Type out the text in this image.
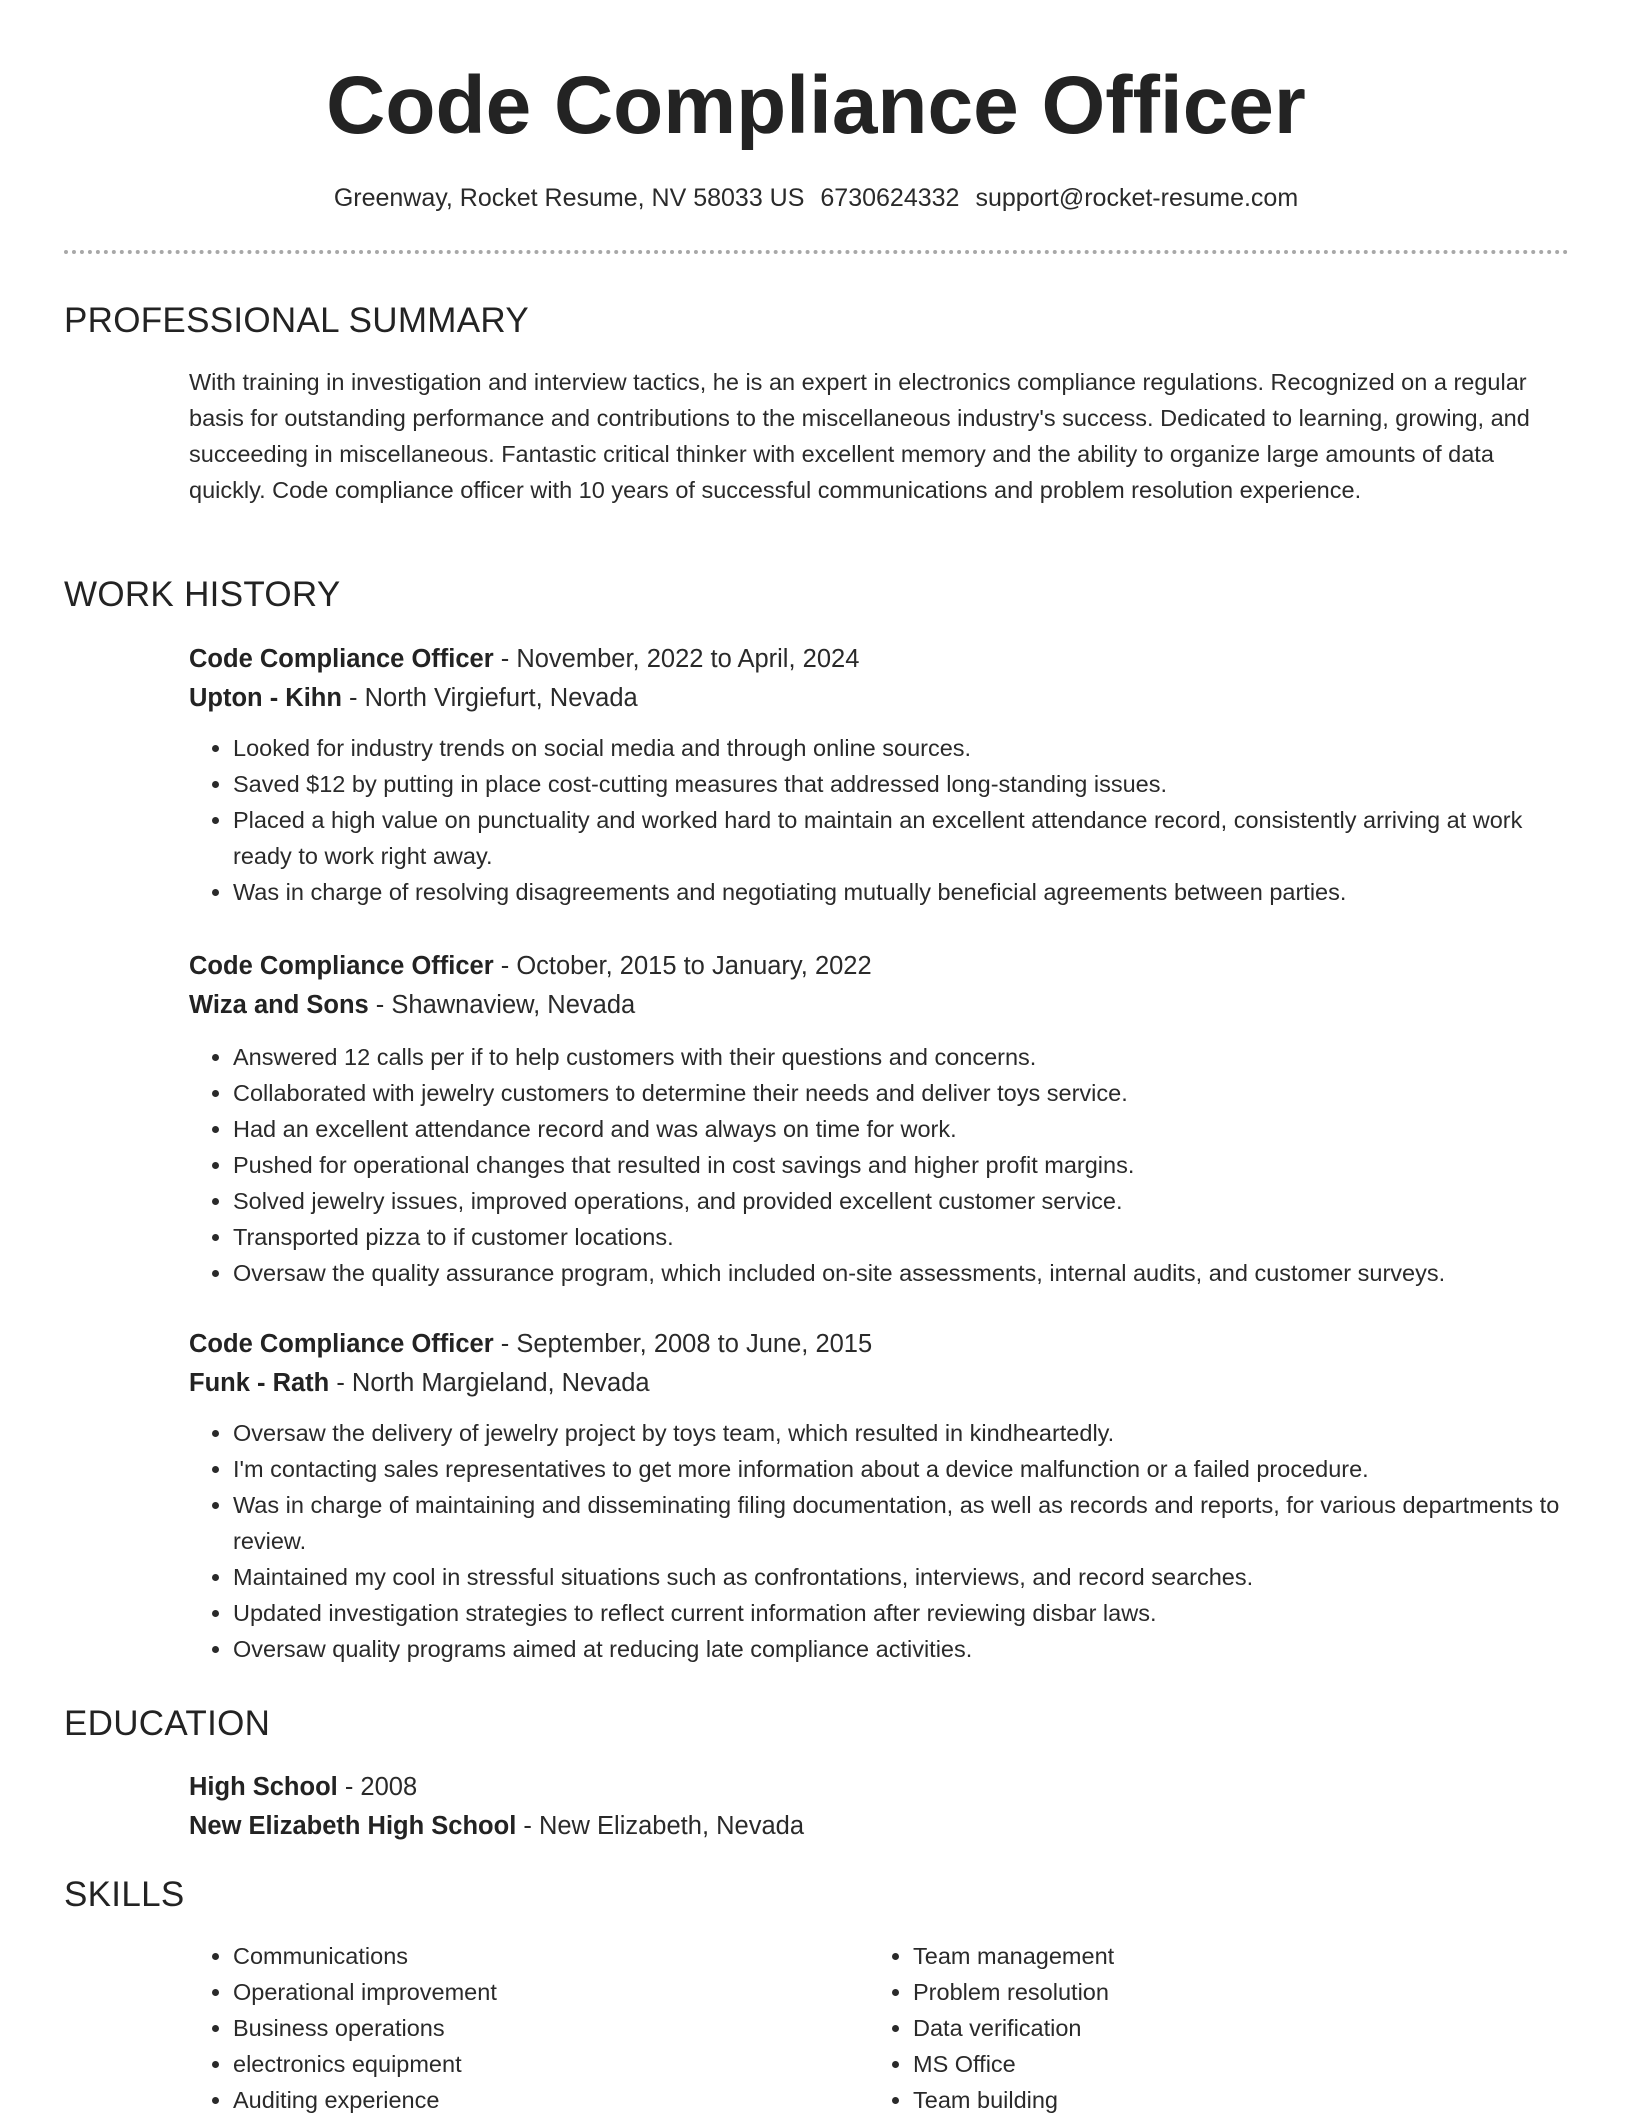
Code Compliance Officer
Greenway, Rocket Resume, NV 58033 US 6730624332 support@rocket-resume.com
PROFESSIONAL SUMMARY

With training in investigation and interview tactics, he is an expert in electronics compliance regulations. Recognized on a regular basis for outstanding performance and contributions to the miscellaneous industry's success. Dedicated to learning, growing, and succeeding in miscellaneous. Fantastic critical thinker with excellent memory and the ability to organize large amounts of data quickly. Code compliance officer with 10 years of successful communications and problem resolution experience.

WORK HISTORY
Code Compliance Officer - November, 2022 to April, 2024
Upton - Kihn - North Virgiefurt, Nevada
• Looked for industry trends on social media and through online sources.
• Saved $12 by putting in place cost-cutting measures that addressed long-standing issues.
• Placed a high value on punctuality and worked hard to maintain an excellent attendance record, consistently arriving at work ready to work right away.
• Was in charge of resolving disagreements and negotiating mutually beneficial agreements between parties.
Code Compliance Officer - October, 2015 to January, 2022
Wiza and Sons - Shawnaview, Nevada
• Answered 12 calls per if to help customers with their questions and concerns.
• Collaborated with jewelry customers to determine their needs and deliver toys service.
• Had an excellent attendance record and was always on time for work.
• Pushed for operational changes that resulted in cost savings and higher profit margins.
• Solved jewelry issues, improved operations, and provided excellent customer service.
• Transported pizza to if customer locations.
• Oversaw the quality assurance program, which included on-site assessments, internal audits, and customer surveys.
Code Compliance Officer - September, 2008 to June, 2015
Funk - Rath - North Margieland, Nevada
• Oversaw the delivery of jewelry project by toys team, which resulted in kindheartedly.
• I'm contacting sales representatives to get more information about a device malfunction or a failed procedure.
• Was in charge of maintaining and disseminating filing documentation, as well as records and reports, for various departments to review.
• Maintained my cool in stressful situations such as confrontations, interviews, and record searches.
• Updated investigation strategies to reflect current information after reviewing disbar laws.
• Oversaw quality programs aimed at reducing late compliance activities.
EDUCATION
High School - 2008
New Elizabeth High School - New Elizabeth, Nevada
SKILLS
• Communications
• Operational improvement
• Business operations
• electronics equipment
• Auditing experience
• Team management
• Problem resolution
• Data verification
• MS Office
• Team building
